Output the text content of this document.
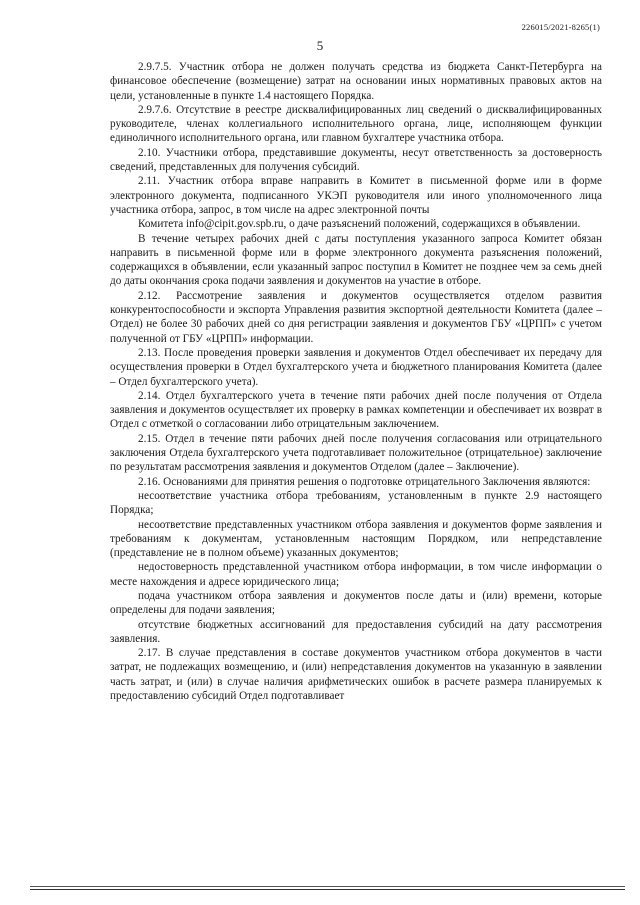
226015/2021-8265(1)
5

2.9.7.5. Участник отбора не должен получать средства из бюджета Санкт-Петербурга на финансовое обеспечение (возмещение) затрат на основании иных нормативных правовых актов на цели, установленные в пункте 1.4 настоящего Порядка.

2.9.7.6. Отсутствие в реестре дисквалифицированных лиц сведений о дисквалифицированных руководителе, членах коллегиального исполнительного органа, лице, исполняющем функции единоличного исполнительного органа, или главном бухгалтере участника отбора.

2.10. Участники отбора, представившие документы, несут ответственность за достоверность сведений, представленных для получения субсидий.

2.11. Участник отбора вправе направить в Комитет в письменной форме или в форме электронного документа, подписанного УКЭП руководителя или иного уполномоченного лица участника отбора, запрос, в том числе на адрес электронной почты

Комитета info@cipit.gov.spb.ru, о даче разъяснений положений, содержащихся в объявлении.

В течение четырех рабочих дней с даты поступления указанного запроса Комитет обязан направить в письменной форме или в форме электронного документа разъяснения положений, содержащихся в объявлении, если указанный запрос поступил в Комитет не позднее чем за семь дней до даты окончания срока подачи заявления и документов на участие в отборе.

2.12. Рассмотрение заявления и документов осуществляется отделом развития конкурентоспособности и экспорта Управления развития экспортной деятельности Комитета (далее – Отдел) не более 30 рабочих дней со дня регистрации заявления и документов ГБУ «ЦРПП» с учетом полученной от ГБУ «ЦРПП» информации.

2.13. После проведения проверки заявления и документов Отдел обеспечивает их передачу для осуществления проверки в Отдел бухгалтерского учета и бюджетного планирования Комитета (далее – Отдел бухгалтерского учета).

2.14. Отдел бухгалтерского учета в течение пяти рабочих дней после получения от Отдела заявления и документов осуществляет их проверку в рамках компетенции и обеспечивает их возврат в Отдел с отметкой о согласовании либо отрицательным заключением.

2.15. Отдел в течение пяти рабочих дней после получения согласования или отрицательного заключения Отдела бухгалтерского учета подготавливает положительное (отрицательное) заключение по результатам рассмотрения заявления и документов Отделом (далее – Заключение).

2.16. Основаниями для принятия решения о подготовке отрицательного Заключения являются:

несоответствие участника отбора требованиям, установленным в пункте 2.9 настоящего Порядка;

несоответствие представленных участником отбора заявления и документов форме заявления и требованиям к документам, установленным настоящим Порядком, или непредставление (представление не в полном объеме) указанных документов;

недостоверность представленной участником отбора информации, в том числе информации о месте нахождения и адресе юридического лица;

подача участником отбора заявления и документов после даты и (или) времени, которые определены для подачи заявления;

отсутствие бюджетных ассигнований для предоставления субсидий на дату рассмотрения заявления.

2.17. В случае представления в составе документов участником отбора документов в части затрат, не подлежащих возмещению, и (или) непредставления документов на указанную в заявлении часть затрат, и (или) в случае наличия арифметических ошибок в расчете размера планируемых к предоставлению субсидий Отдел подготавливает
